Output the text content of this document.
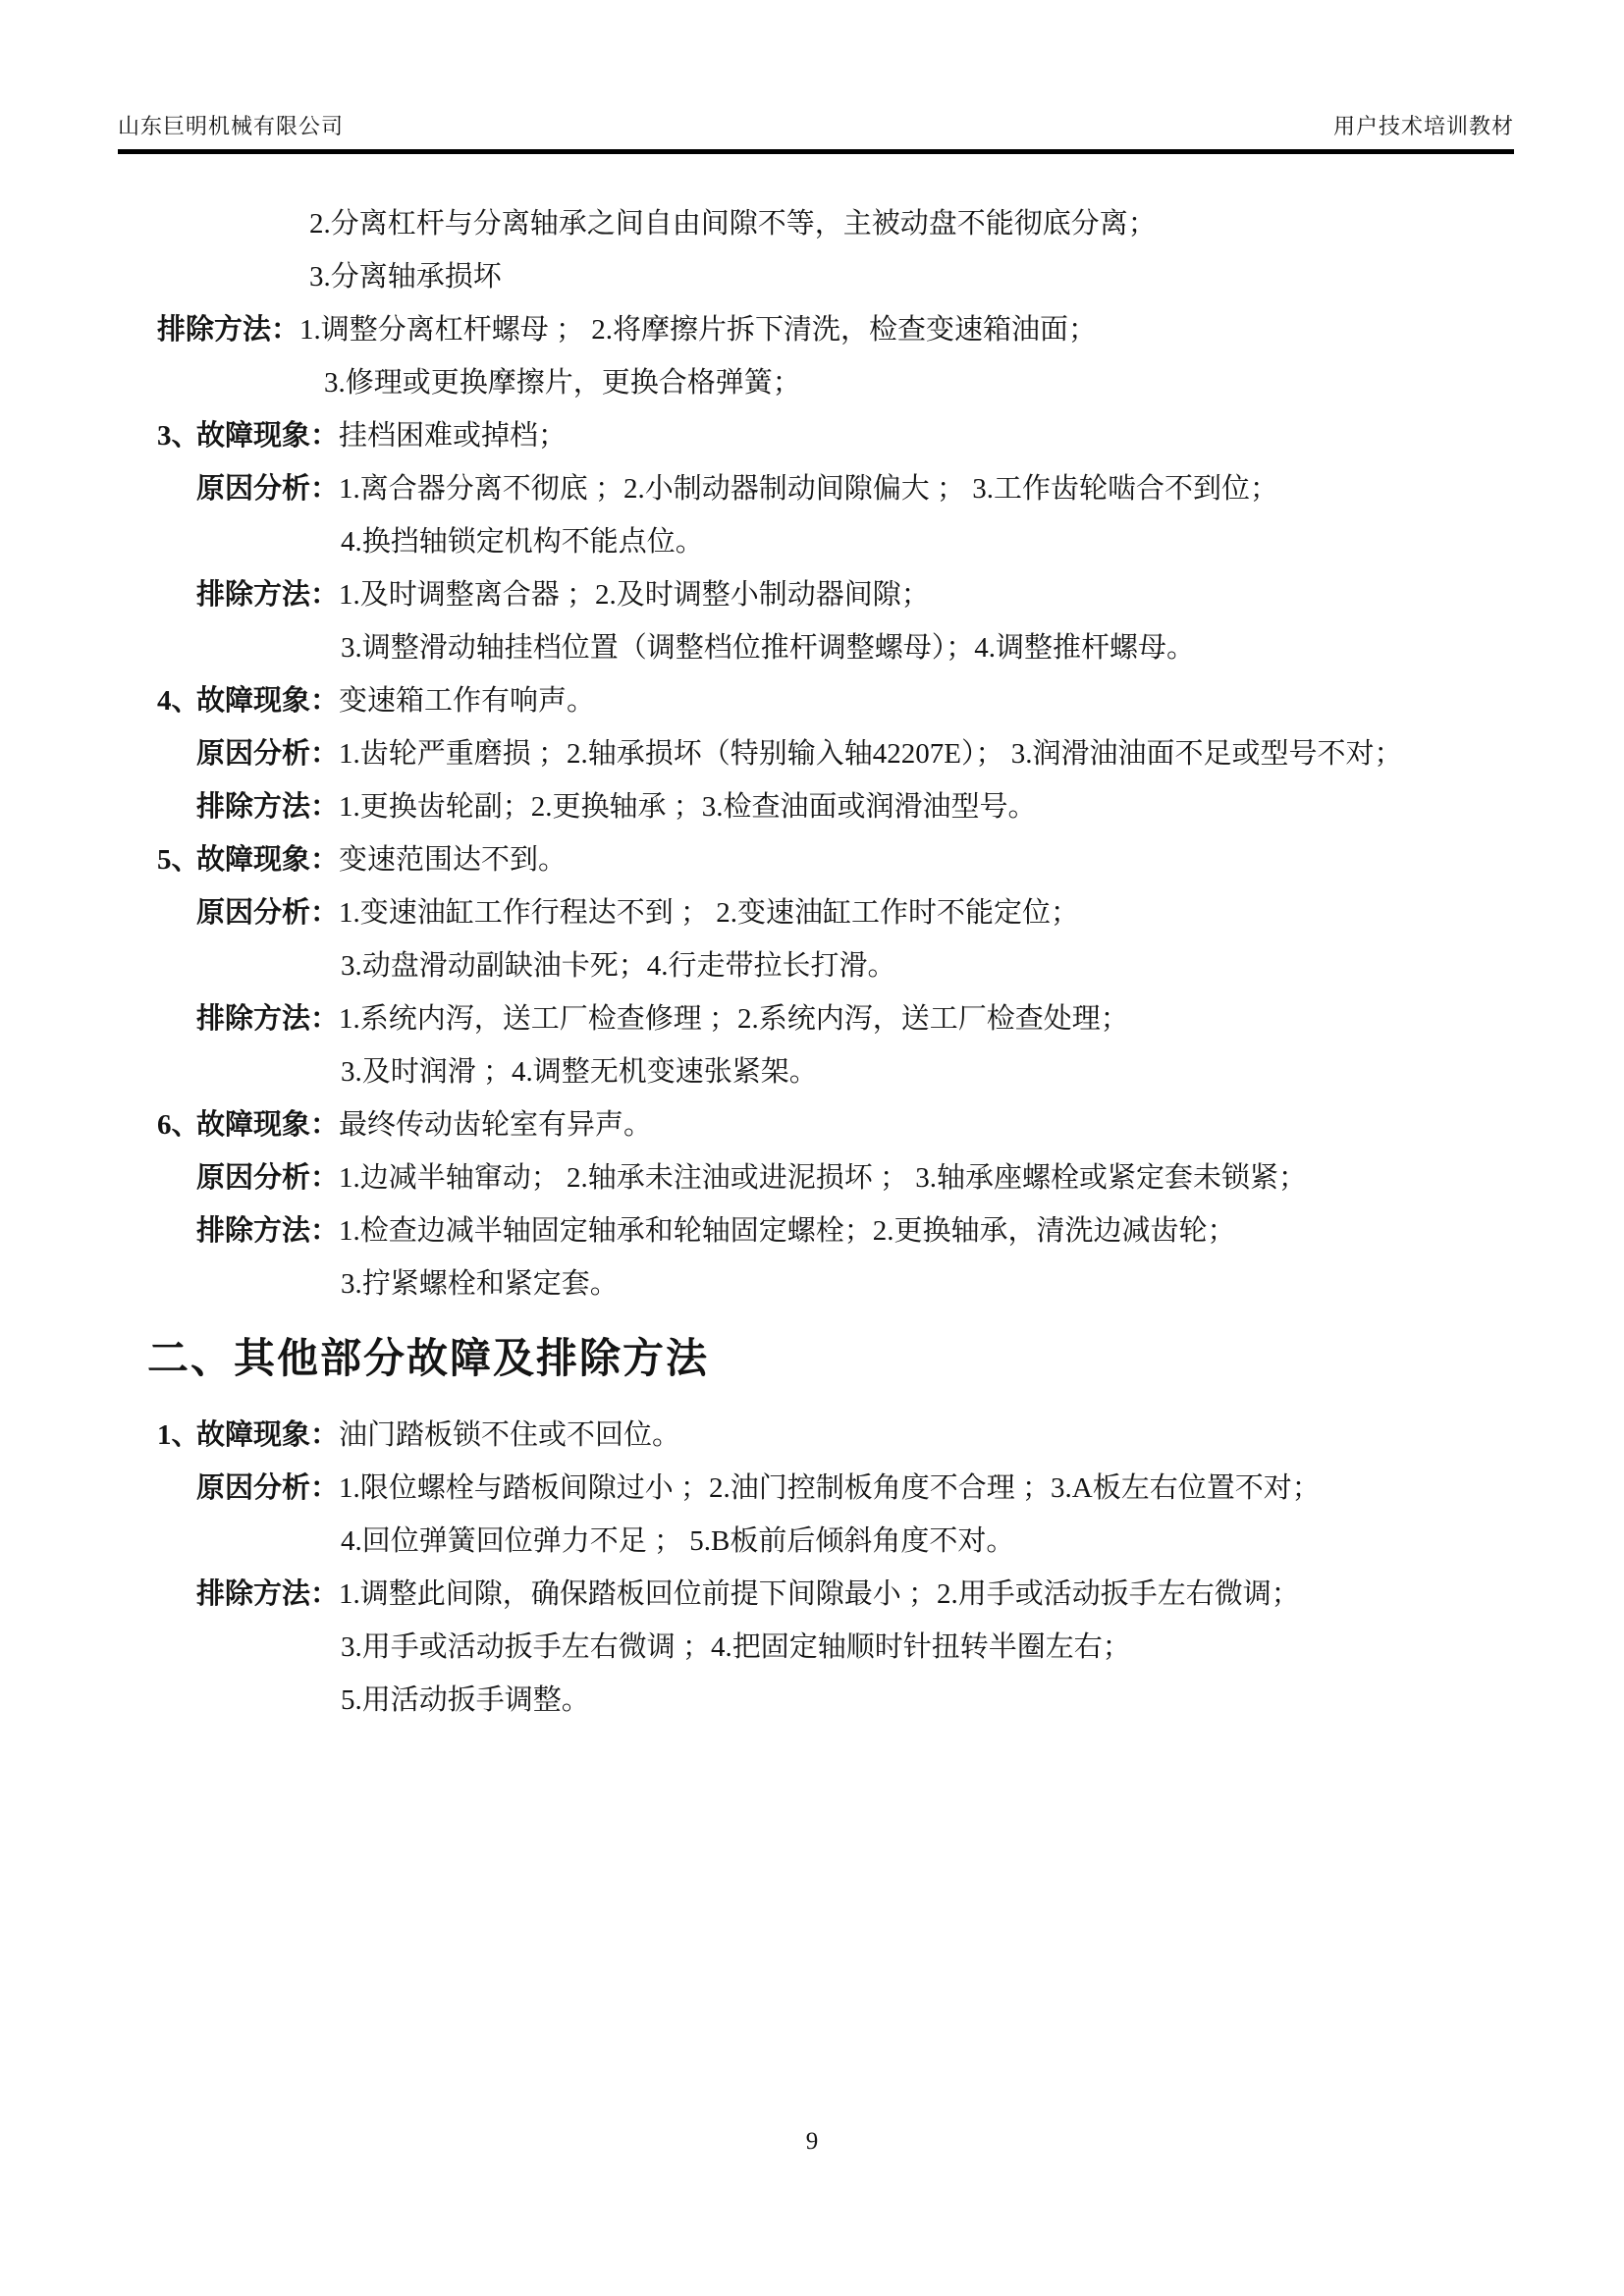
山东巨明机械有限公司	用户技术培训教材
2.分离杠杆与分离轴承之间自由间隙不等，主被动盘不能彻底分离；
3.分离轴承损坏
排除方法：1.调整分离杠杆螺母 ； 2.将摩擦片拆下清洗，检查变速箱油面；
3.修理或更换摩擦片，更换合格弹簧；
3、故障现象：挂档困难或掉档；
原因分析：1.离合器分离不彻底 ；2.小制动器制动间隙偏大 ； 3.工作齿轮啮合不到位；
4.换挡轴锁定机构不能点位。
排除方法：1.及时调整离合器 ；2.及时调整小制动器间隙；
3.调整滑动轴挂档位置（调整档位推杆调整螺母）；4.调整推杆螺母。
4、故障现象：变速箱工作有响声。
原因分析：1.齿轮严重磨损 ；2.轴承损坏（特别输入轴42207E）； 3.润滑油油面不足或型号不对；
排除方法：1.更换齿轮副；2.更换轴承 ；3.检查油面或润滑油型号。
5、故障现象：变速范围达不到。
原因分析：1.变速油缸工作行程达不到 ； 2.变速油缸工作时不能定位；
3.动盘滑动副缺油卡死；4.行走带拉长打滑。
排除方法：1.系统内泻，送工厂检查修理 ；2.系统内泻，送工厂检查处理；
3.及时润滑 ；4.调整无机变速张紧架。
6、故障现象：最终传动齿轮室有异声。
原因分析：1.边减半轴窜动； 2.轴承未注油或进泥损坏 ； 3.轴承座螺栓或紧定套未锁紧；
排除方法：1.检查边减半轴固定轴承和轮轴固定螺栓；2.更换轴承，清洗边减齿轮；
3.拧紧螺栓和紧定套。
二、其他部分故障及排除方法
1、故障现象：油门踏板锁不住或不回位。
原因分析：1.限位螺栓与踏板间隙过小 ；2.油门控制板角度不合理 ；3.A板左右位置不对；
4.回位弹簧回位弹力不足 ； 5.B板前后倾斜角度不对。
排除方法：1.调整此间隙，确保踏板回位前提下间隙最小 ；2.用手或活动扳手左右微调；
3.用手或活动扳手左右微调 ；4.把固定轴顺时针扭转半圈左右；
5.用活动扳手调整。
9
